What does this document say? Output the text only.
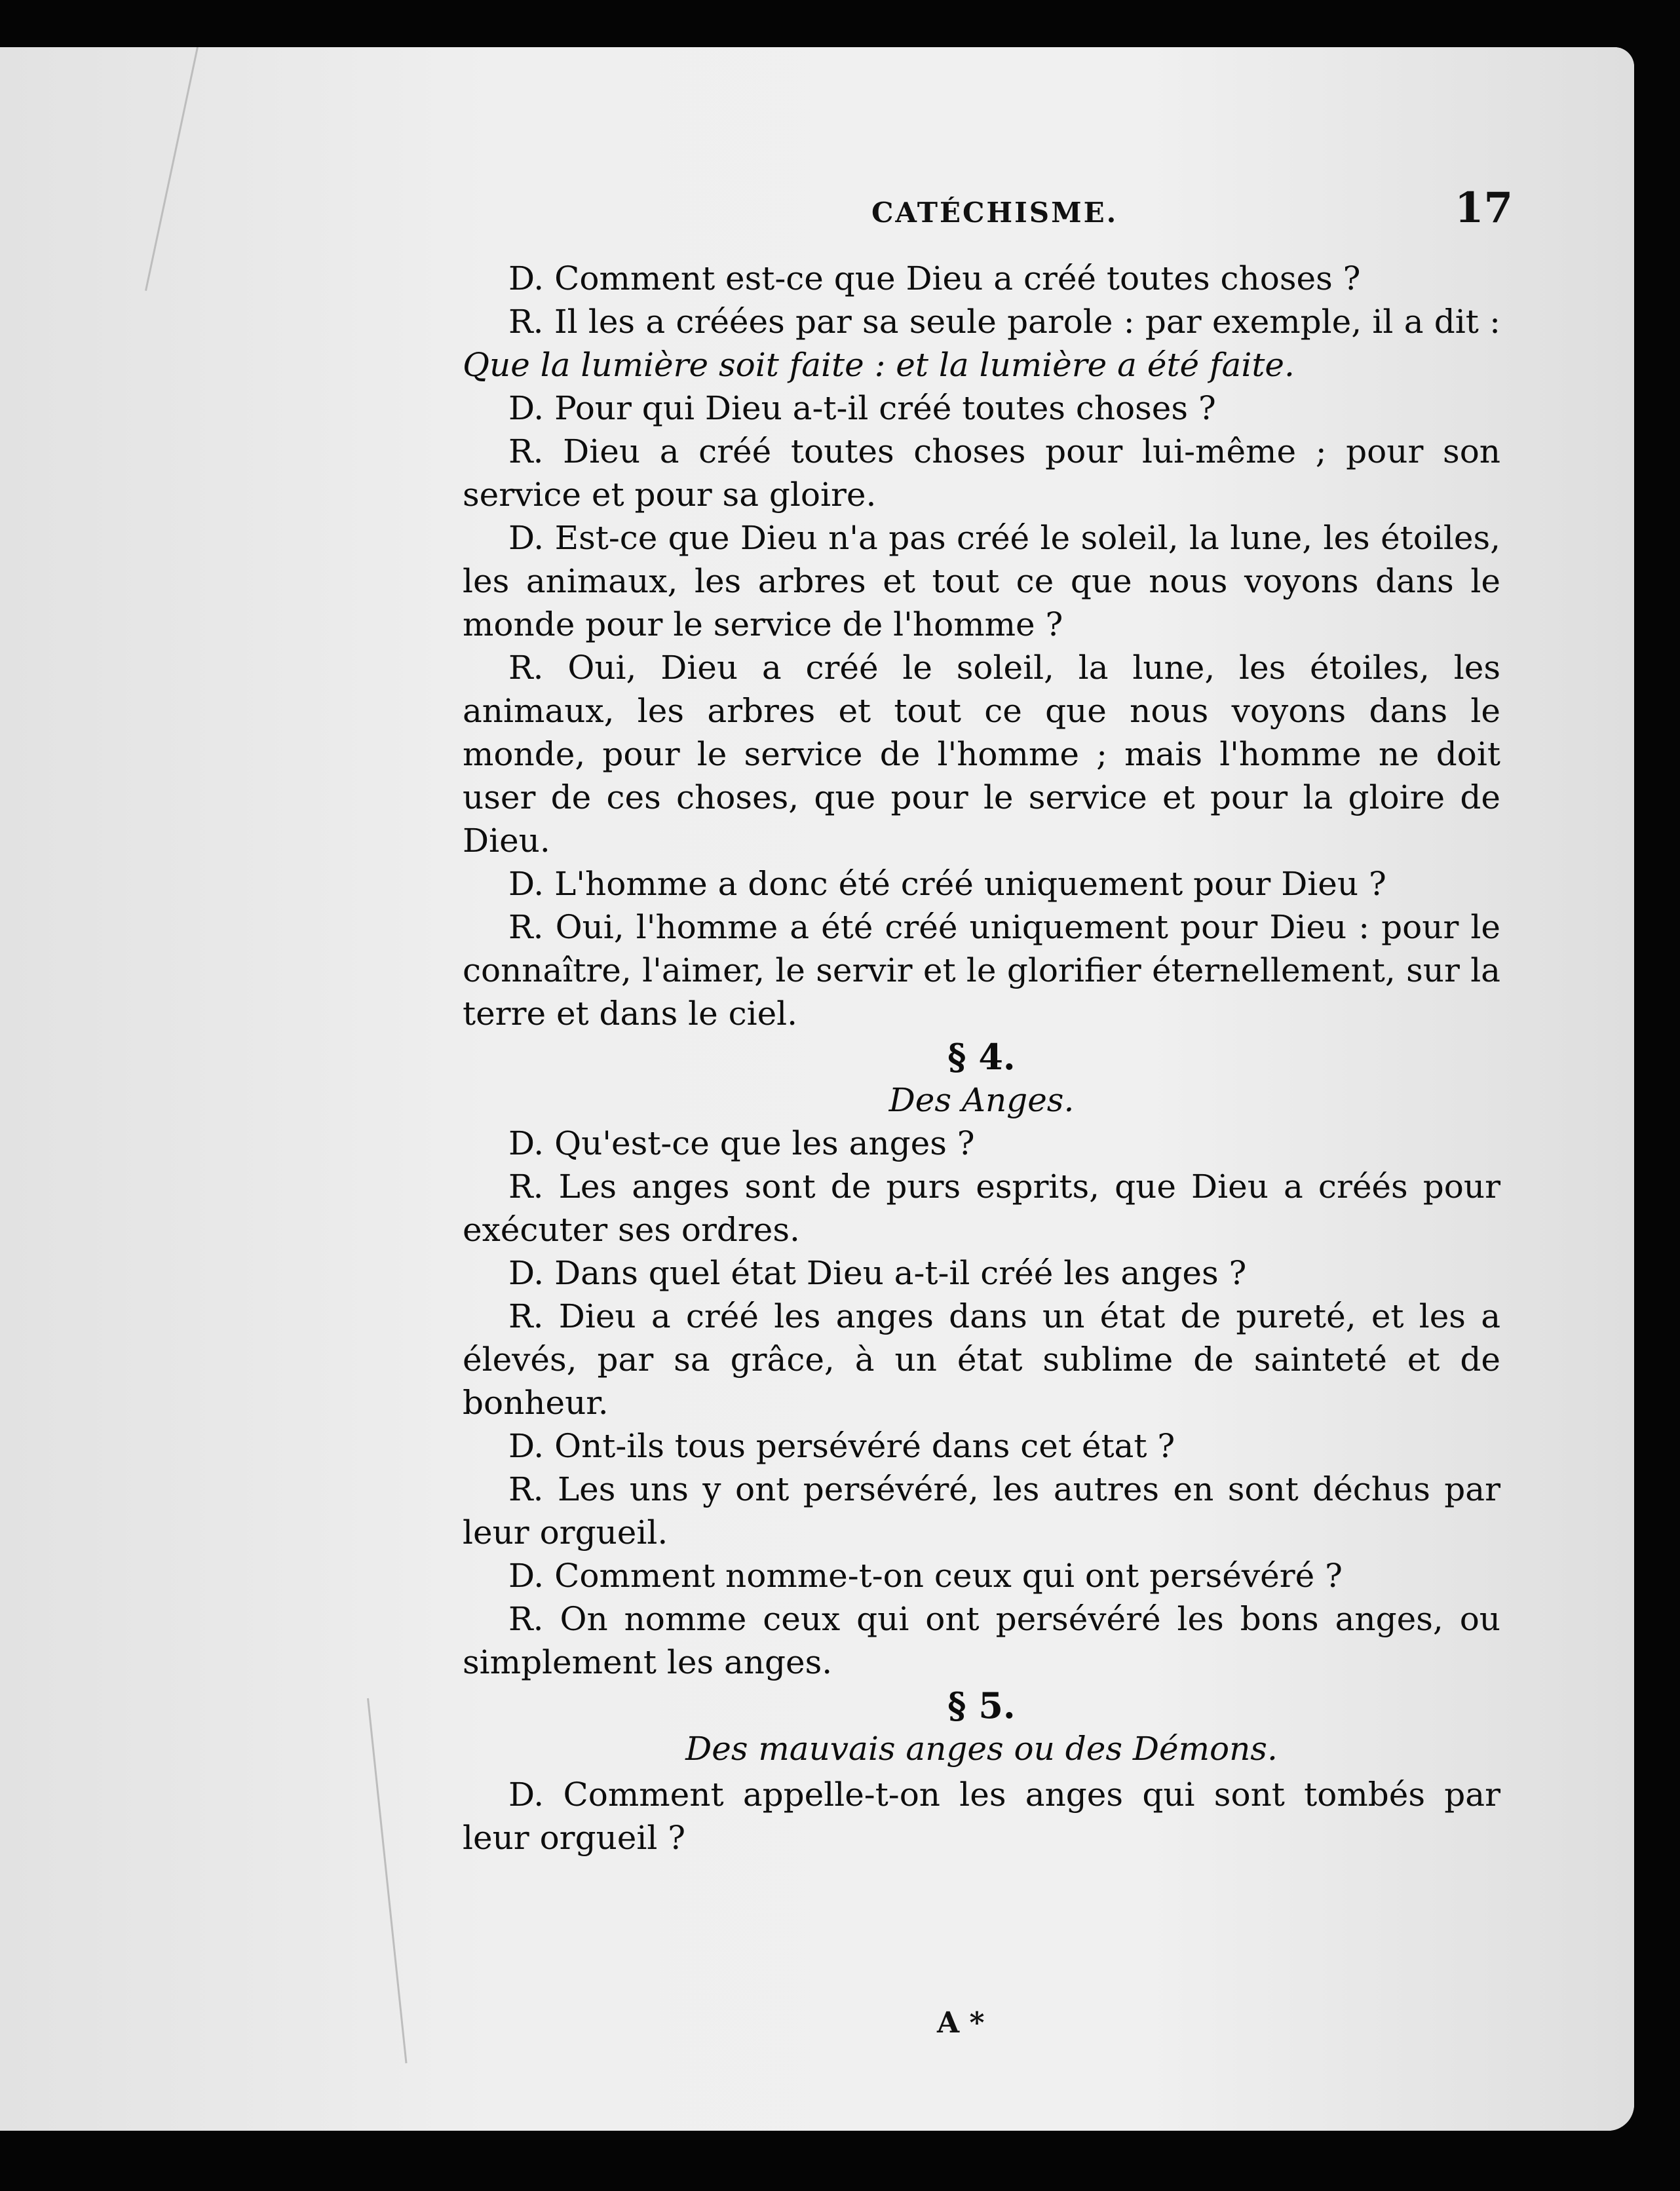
CATÉCHISME.	17

D. Comment est-ce que Dieu a créé toutes choses ?

R. Il les a créées par sa seule parole : par exemple, il a dit : Que la lumière soit faite : et la lumière a été faite.

D. Pour qui Dieu a-t-il créé toutes choses ?

R. Dieu a créé toutes choses pour lui-même ; pour son service et pour sa gloire.

D. Est-ce que Dieu n'a pas créé le soleil, la lune, les étoiles, les animaux, les arbres et tout ce que nous voyons dans le monde pour le service de l'homme ?

R. Oui, Dieu a créé le soleil, la lune, les étoiles, les animaux, les arbres et tout ce que nous voyons dans le monde, pour le service de l'homme ; mais l'homme ne doit user de ces choses, que pour le service et pour la gloire de Dieu.

D. L'homme a donc été créé uniquement pour Dieu ?

R. Oui, l'homme a été créé uniquement pour Dieu : pour le connaître, l'aimer, le servir et le glorifier éternellement, sur la terre et dans le ciel.

§ 4.

Des Anges.

D. Qu'est-ce que les anges ?

R. Les anges sont de purs esprits, que Dieu a créés pour exécuter ses ordres.

D. Dans quel état Dieu a-t-il créé les anges ?

R. Dieu a créé les anges dans un état de pureté, et les a élevés, par sa grâce, à un état sublime de sainteté et de bonheur.

D. Ont-ils tous persévéré dans cet état ?

R. Les uns y ont persévéré, les autres en sont déchus par leur orgueil.

D. Comment nomme-t-on ceux qui ont persévéré ?

R. On nomme ceux qui ont persévéré les bons anges, ou simplement les anges.

§ 5.

Des mauvais anges ou des Démons.

D. Comment appelle-t-on les anges qui sont tombés par leur orgueil ?

A *
